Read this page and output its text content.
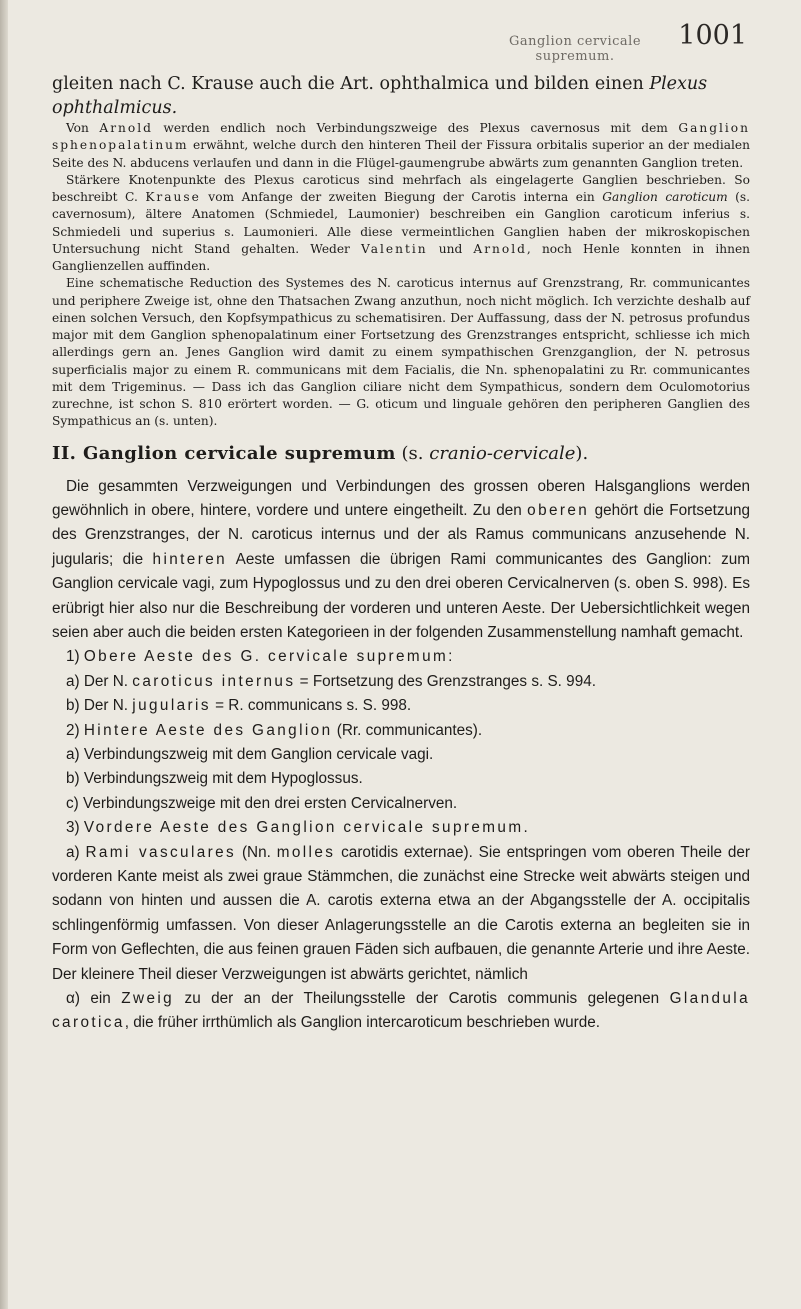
Ganglion cervicale supremum.
1001

gleiten nach C. Krause auch die Art. ophthalmica und bilden einen Plexus ophthalmicus.

Von Arnold werden endlich noch Verbindungszweige des Plexus cavernosus mit dem Ganglion sphenopalatinum erwähnt, welche durch den hinteren Theil der Fissura orbitalis superior an der medialen Seite des N. abducens verlaufen und dann in die Flügel-gaumengrube abwärts zum genannten Ganglion treten.

Stärkere Knotenpunkte des Plexus caroticus sind mehrfach als eingelagerte Ganglien beschrieben. So beschreibt C. Krause vom Anfange der zweiten Biegung der Carotis interna ein Ganglion caroticum (s. cavernosum), ältere Anatomen (Schmiedel, Laumonier) beschreiben ein Ganglion caroticum inferius s. Schmiedeli und superius s. Laumonieri. Alle diese vermeintlichen Ganglien haben der mikroskopischen Untersuchung nicht Stand gehalten. Weder Valentin und Arnold, noch Henle konnten in ihnen Ganglienzellen auffinden.

Eine schematische Reduction des Systemes des N. caroticus internus auf Grenzstrang, Rr. communicantes und periphere Zweige ist, ohne den Thatsachen Zwang anzuthun, noch nicht möglich. Ich verzichte deshalb auf einen solchen Versuch, den Kopfsympathicus zu schematisiren. Der Auffassung, dass der N. petrosus profundus major mit dem Ganglion sphenopalatinum einer Fortsetzung des Grenzstranges entspricht, schliesse ich mich allerdings gern an. Jenes Ganglion wird damit zu einem sympathischen Grenzganglion, der N. petrosus superficialis major zu einem R. communicans mit dem Facialis, die Nn. sphenopalatini zu Rr. communicantes mit dem Trigeminus. — Dass ich das Ganglion ciliare nicht dem Sympathicus, sondern dem Oculomotorius zurechne, ist schon S. 810 erörtert worden. — G. oticum und linguale gehören den peripheren Ganglien des Sympathicus an (s. unten).

II. Ganglion cervicale supremum (s. cranio-cervicale).

Die gesammten Verzweigungen und Verbindungen des grossen oberen Halsganglions werden gewöhnlich in obere, hintere, vordere und untere eingetheilt. Zu den oberen gehört die Fortsetzung des Grenzstranges, der N. caroticus internus und der als Ramus communicans anzusehende N. jugularis; die hinteren Aeste umfassen die übrigen Rami communicantes des Ganglion: zum Ganglion cervicale vagi, zum Hypoglossus und zu den drei oberen Cervicalnerven (s. oben S. 998). Es erübrigt hier also nur die Beschreibung der vorderen und unteren Aeste. Der Uebersichtlichkeit wegen seien aber auch die beiden ersten Kategorieen in der folgenden Zusammenstellung namhaft gemacht.

1) Obere Aeste des G. cervicale supremum:

a) Der N. caroticus internus = Fortsetzung des Grenzstranges s. S. 994.

b) Der N. jugularis = R. communicans s. S. 998.

2) Hintere Aeste des Ganglion (Rr. communicantes).

a) Verbindungszweig mit dem Ganglion cervicale vagi.

b) Verbindungszweig mit dem Hypoglossus.

c) Verbindungszweige mit den drei ersten Cervicalnerven.

3) Vordere Aeste des Ganglion cervicale supremum.

a) Rami vasculares (Nn. molles carotidis externae). Sie entspringen vom oberen Theile der vorderen Kante meist als zwei graue Stämmchen, die zunächst eine Strecke weit abwärts steigen und sodann von hinten und aussen die A. carotis externa etwa an der Abgangsstelle der A. occipitalis schlingenförmig umfassen. Von dieser Anlagerungsstelle an die Carotis externa an begleiten sie in Form von Geflechten, die aus feinen grauen Fäden sich aufbauen, die genannte Arterie und ihre Aeste. Der kleinere Theil dieser Verzweigungen ist abwärts gerichtet, nämlich

α) ein Zweig zu der an der Theilungsstelle der Carotis communis gelegenen Glandula carotica, die früher irrthümlich als Ganglion intercaroticum beschrieben wurde.
